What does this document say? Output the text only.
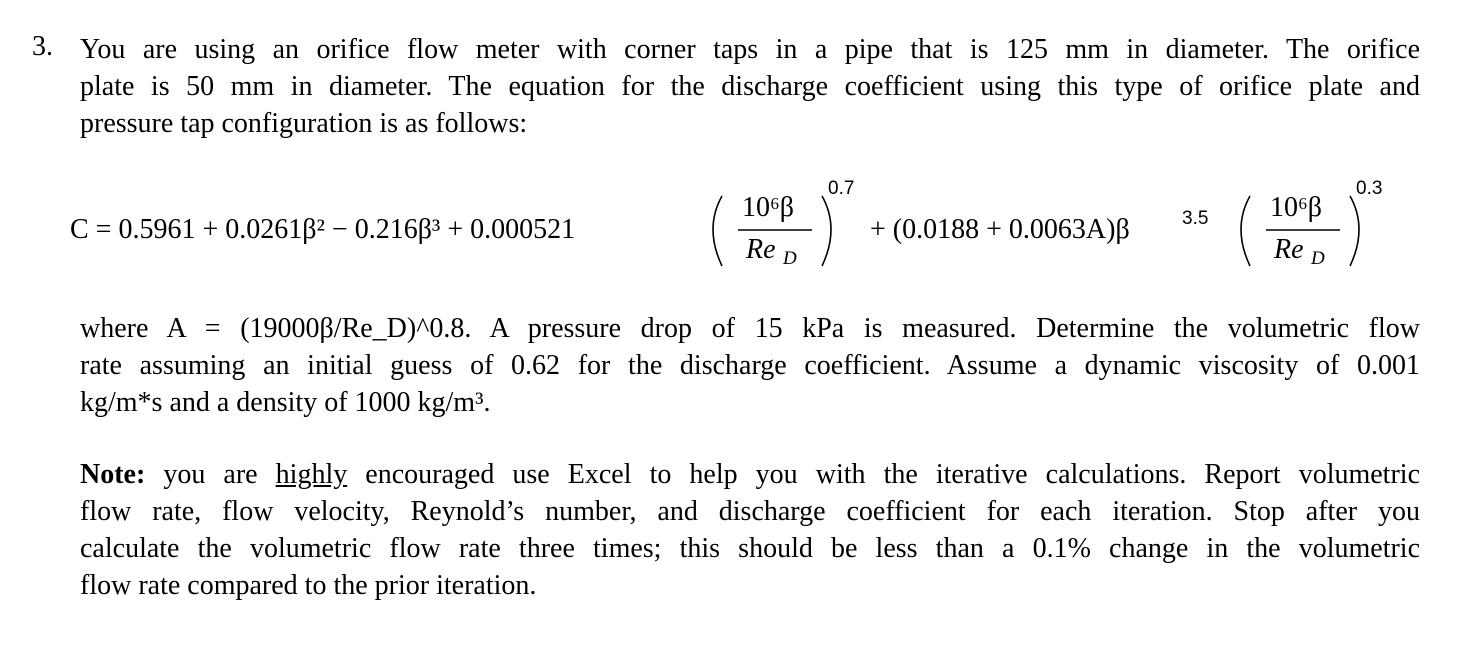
3. You are using an orifice flow meter with corner taps in a pipe that is 125 mm in diameter. The orifice
plate is 50 mm in diameter. The equation for the discharge coefficient using this type of orifice plate and
pressure tap configuration is as follows:
C = 0.5961 + 0.0261β² − 0.216β³ + 0.000521
10⁶β
Re D
0.7
+ (0.0188 + 0.0063A)β	3.5 10⁶β
Re D
0.3
where A = (19000β/Re_D)^0.8. A pressure drop of 15 kPa is measured. Determine the volumetric flow
rate assuming an initial guess of 0.62 for the discharge coefficient. Assume a dynamic viscosity of 0.001
kg/m*s and a density of 1000 kg/m³.
Note: you are highly encouraged use Excel to help you with the iterative calculations. Report volumetric
flow rate, flow velocity, Reynold’s number, and discharge coefficient for each iteration. Stop after you
calculate the volumetric flow rate three times; this should be less than a 0.1% change in the volumetric
flow rate compared to the prior iteration.
